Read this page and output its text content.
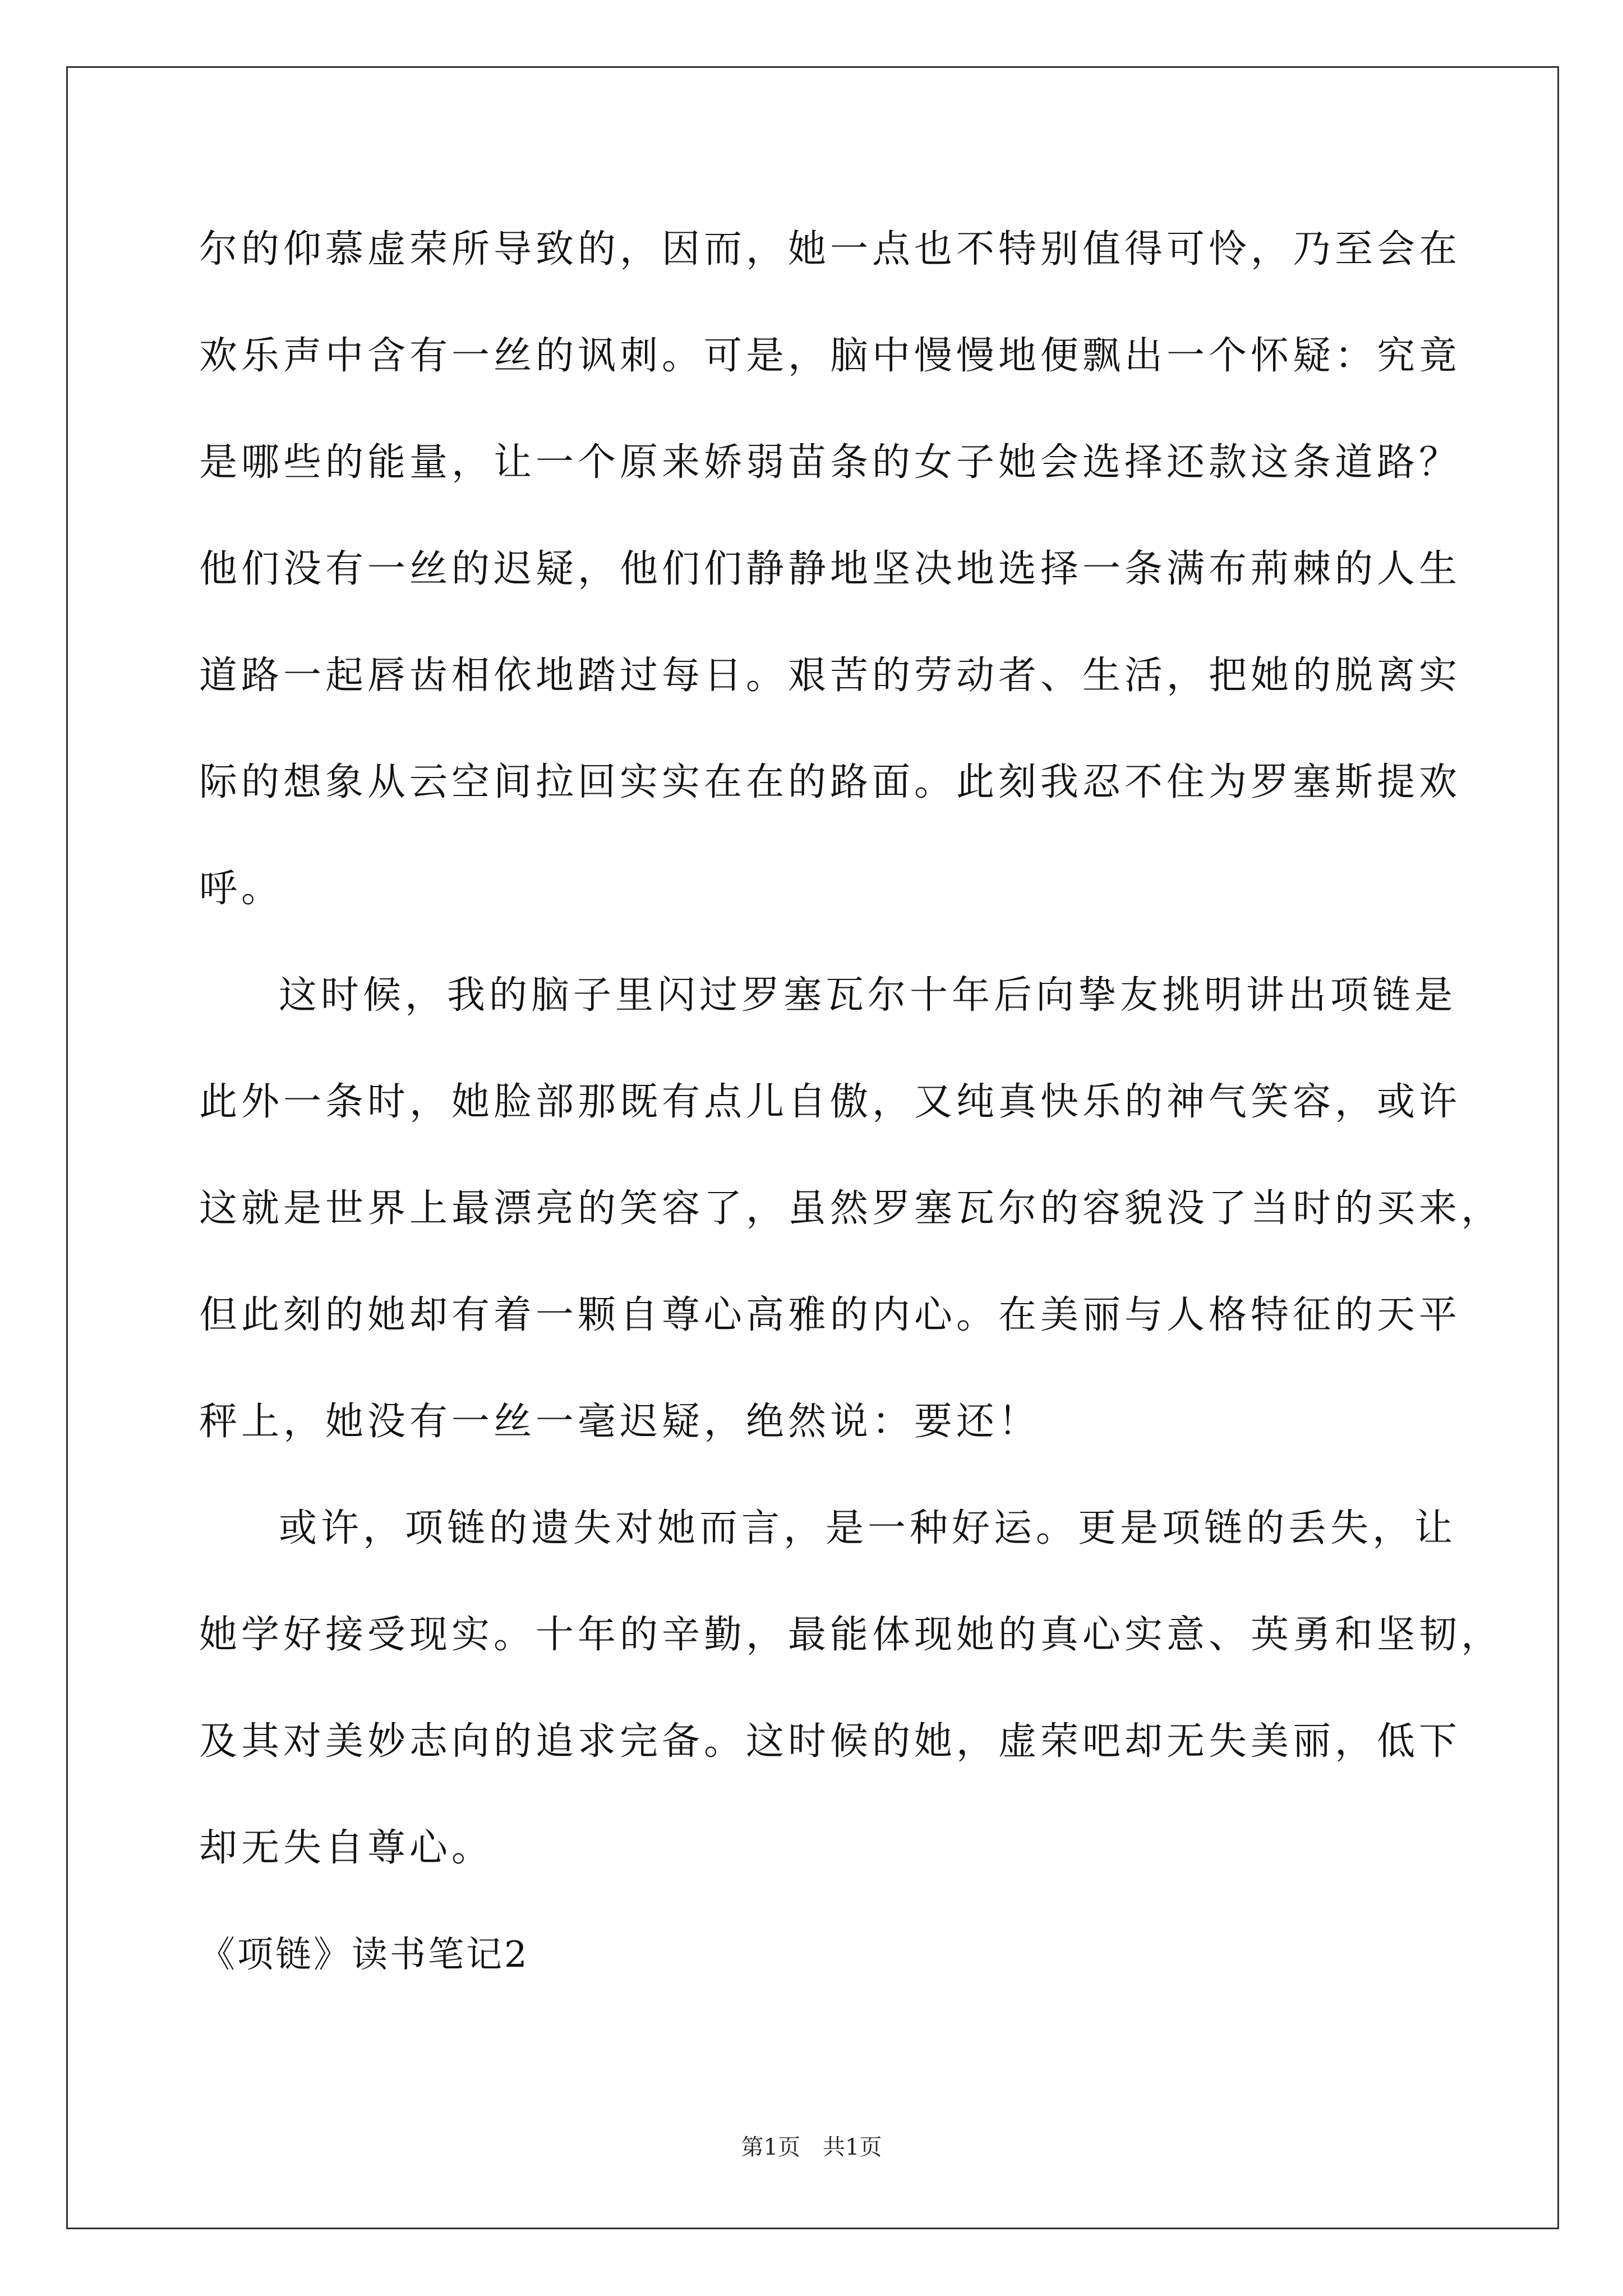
尔的仰慕虚荣所导致的，因而，她一点也不特别值得可怜，乃至会在
欢乐声中含有一丝的讽刺。可是，脑中慢慢地便飘出一个怀疑：究竟
是哪些的能量，让一个原来娇弱苗条的女子她会选择还款这条道路？
他们没有一丝的迟疑，他们们静静地坚决地选择一条满布荊棘的人生
道路一起唇齿相依地踏过每日。艰苦的劳动者、生活，把她的脱离实
际的想象从云空间拉回实实在在的路面。此刻我忍不住为罗塞斯提欢
呼。
这时候，我的脑子里闪过罗塞瓦尔十年后向挚友挑明讲出项链是
此外一条时，她脸部那既有点儿自傲，又纯真快乐的神气笑容，或许
这就是世界上最漂亮的笑容了，虽然罗塞瓦尔的容貌没了当时的买来，
但此刻的她却有着一颗自尊心高雅的内心。在美丽与人格特征的天平
秤上，她没有一丝一毫迟疑，绝然说：要还！
或许，项链的遗失对她而言，是一种好运。更是项链的丢失，让
她学好接受现实。十年的辛勤，最能体现她的真心实意、英勇和坚韧，
及其对美妙志向的追求完备。这时候的她，虚荣吧却无失美丽，低下
却无失自尊心。
《项链》读书笔记2
第1页　共1页
